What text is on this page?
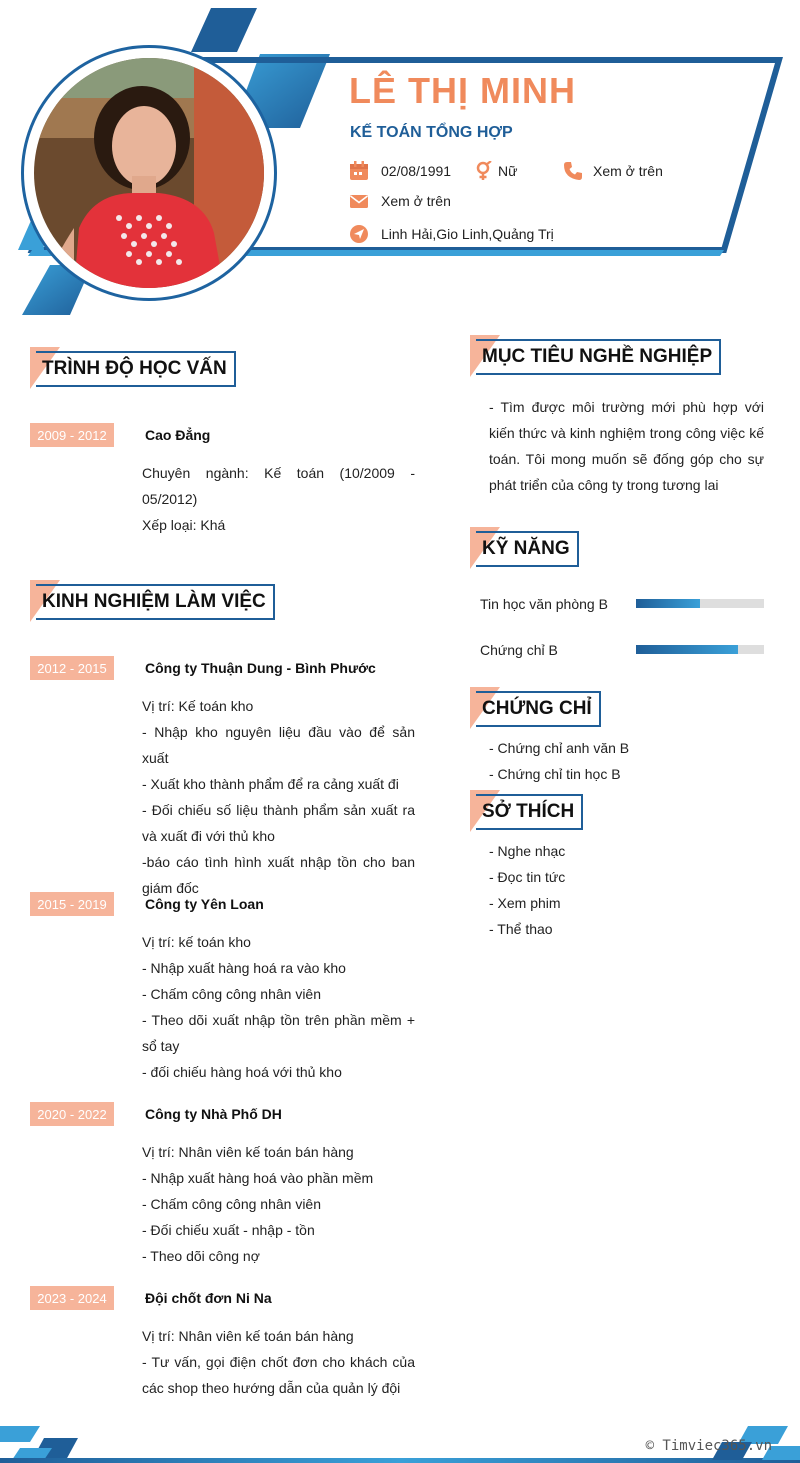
LÊ THỊ MINH
KẾ TOÁN TỔNG HỢP
02/08/1991	Nữ	Xem ở trên
Xem ở trên
Linh Hải,Gio Linh,Quảng Trị
TRÌNH ĐỘ HỌC VẤN
2009 - 2012	Cao Đẳng

Chuyên ngành: Kế toán (10/2009 - 05/2012)

Xếp loại: Khá

KINH NGHIỆM LÀM VIỆC
2012 - 2015	Công ty Thuận Dung - Bình Phước

Vị trí: Kế toán kho

- Nhập kho nguyên liệu đầu vào để sản xuất

- Xuất kho thành phẩm để ra cảng xuất đi

- Đối chiếu số liệu thành phẩm sản xuất ra và xuất đi với thủ kho

-báo cáo tình hình xuất nhập tồn cho ban giám đốc

2015 - 2019	Công ty Yên Loan

Vị trí: kế toán kho

- Nhập xuất hàng hoá ra vào kho

- Chấm công công nhân viên

- Theo dõi xuất nhập tồn trên phần mềm + sổ tay

- đối chiếu hàng hoá với thủ kho

2020 - 2022	Công ty Nhà Phố DH

Vị trí: Nhân viên kế toán bán hàng

- Nhập xuất hàng hoá vào phần mềm

- Chấm công công nhân viên

- Đối chiếu xuất - nhập - tồn

- Theo dõi công nợ

2023 - 2024	Đội chốt đơn Ni Na

Vị trí: Nhân viên kế toán bán hàng

- Tư vấn, gọi điện chốt đơn cho khách của các shop theo hướng dẫn của quản lý đội

MỤC TIÊU NGHỀ NGHIỆP
- Tìm được môi trường mới phù hợp với kiến thức và kinh nghiệm trong công việc kế toán. Tôi mong muốn sẽ đống góp cho sự phát triển của công ty trong tương lai
KỸ NĂNG
Tin học văn phòng B
Chứng chỉ B
CHỨNG CHỈ

- Chứng chỉ anh văn B

- Chứng chỉ tin học B

SỞ THÍCH

- Nghe nhạc

- Đọc tin tức

- Xem phim

- Thể thao

© Timviec365.vn
